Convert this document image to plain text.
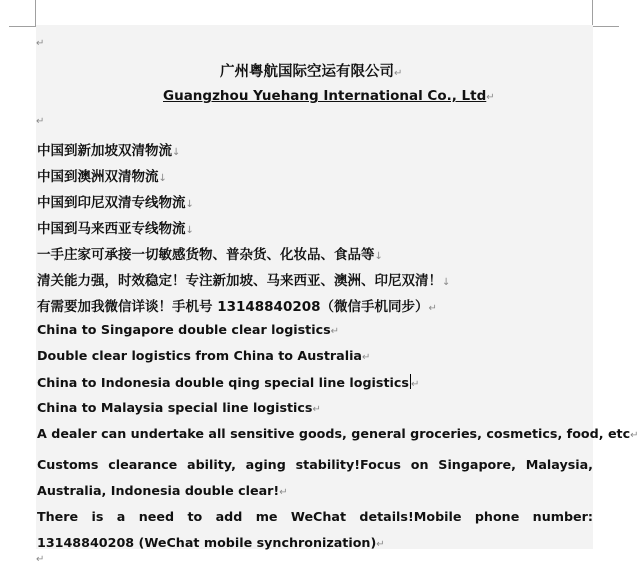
↵
广州粤航国际空运有限公司↵
Guangzhou Yuehang International Co., Ltd↵
↵
中国到新加坡双清物流↓
中国到澳洲双清物流↓
中国到印尼双清专线物流↓
中国到马来西亚专线物流↓
一手庄家可承接一切敏感货物、普杂货、化妆品、食品等↓
清关能力强，时效稳定！专注新加坡、马来西亚、澳洲、印尼双清！↓
有需要加我微信详谈！手机号 13148840208（微信手机同步）↵
China to Singapore double clear logistics↵
Double clear logistics from China to Australia↵
China to Indonesia double qing special line logistics ↵
China to Malaysia special line logistics↵
A dealer can undertake all sensitive goods, general groceries, cosmetics, food, etc↵
Customs clearance ability, aging stability!Focus on Singapore, Malaysia, Australia, Indonesia double clear!↵
There is a need to add me WeChat details!Mobile phone number: 13148840208 (WeChat mobile synchronization)↵
↵
